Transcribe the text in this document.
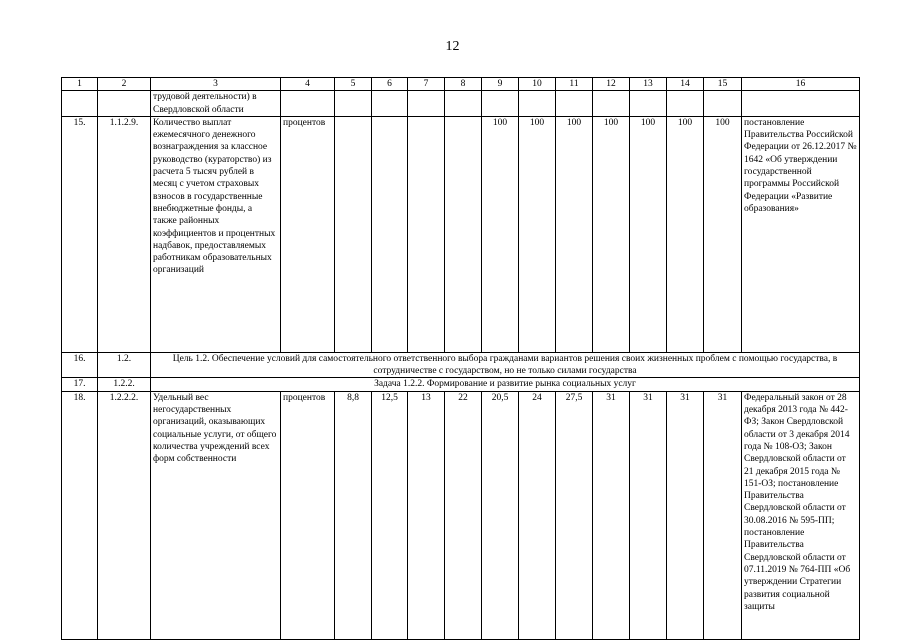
12
1	2	3	4	5	6	7	8	9	10	11	12	13	14	15	16
		трудовой деятельности) в Свердловской области													
15.	1.1.2.9.	Количество выплат ежемесячного денежного вознаграждения за классное руководство (кураторство) из расчета 5 тысяч рублей в месяц с учетом страховых взносов в государственные внебюджетные фонды, а также районных коэффициентов и процентных надбавок, предоставляемых работникам образовательных организаций	процентов					100	100	100	100	100	100	100	постановление Правительства Российской Федерации от 26.12.2017 № 1642 «Об утверждении государственной программы Российской Федерации «Развитие образования»
16.	1.2.	Цель 1.2. Обеспечение условий для самостоятельного ответственного выбора гражданами вариантов решения своих жизненных проблем с помощью государства, в сотрудничестве с государством, но не только силами государства													
17.	1.2.2.	Задача 1.2.2. Формирование и развитие рынка социальных услуг													
18.	1.2.2.2.	Удельный вес негосударственных организаций, оказывающих социальные услуги, от общего количества учреждений всех форм собственности	процентов	8,8	12,5	13	22	20,5	24	27,5	31	31	31	31	Федеральный закон от 28 декабря 2013 года № 442-ФЗ; Закон Свердловской области от 3 декабря 2014 года № 108-ОЗ; Закон Свердловской области от 21 декабря 2015 года № 151-ОЗ; постановление Правительства Свердловской области от 30.08.2016 № 595-ПП; постановление Правительства Свердловской области от 07.11.2019 № 764-ПП «Об утверждении Стратегии развития социальной защиты
